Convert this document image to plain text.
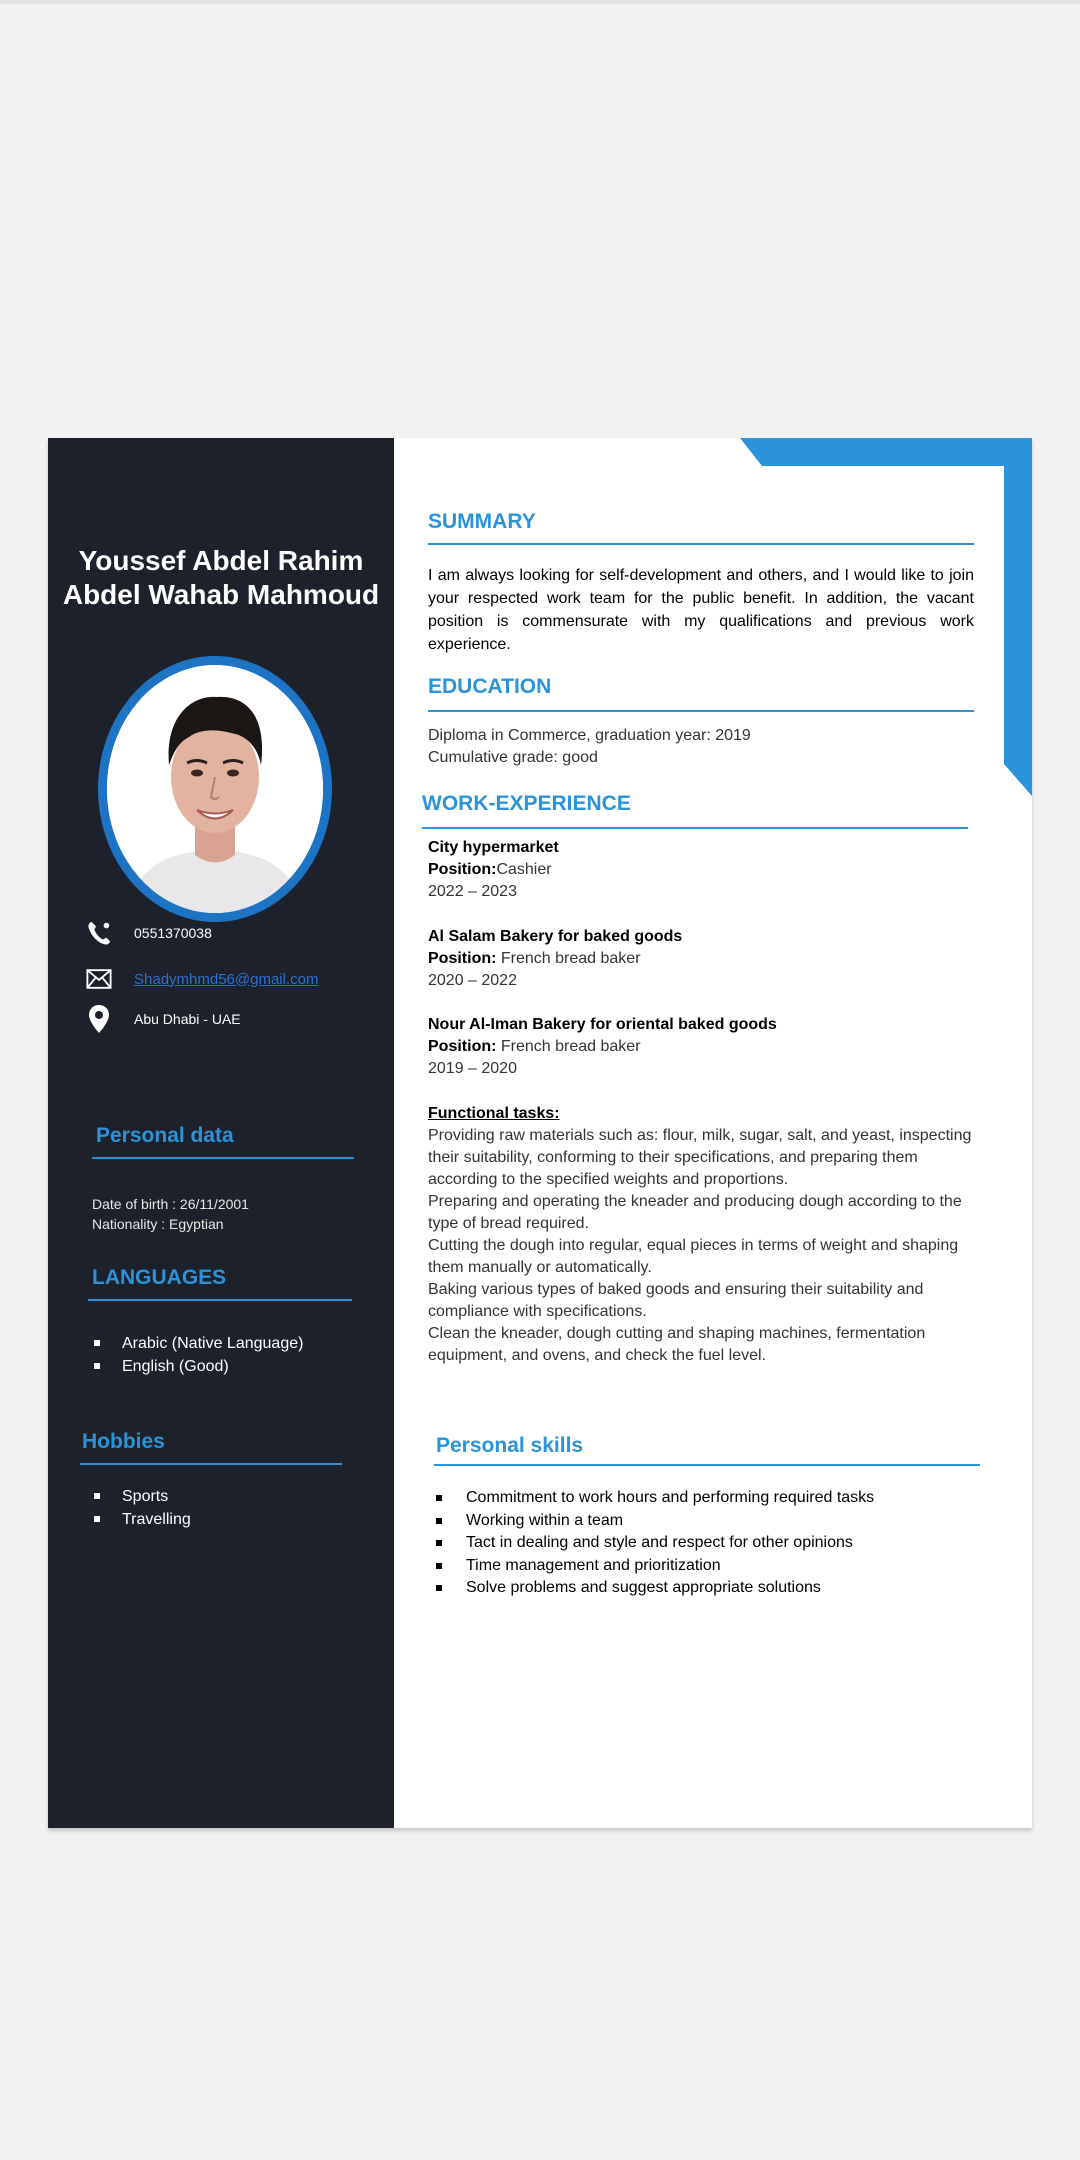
Youssef Abdel Rahim
Abdel Wahab Mahmoud
0551370038
Shadymhmd56@gmail.com
Abu Dhabi - UAE
Personal data
Date of birth : 26/11/2001
Nationality : Egyptian
LANGUAGES
Arabic (Native Language)
English (Good)
Hobbies
Sports
Travelling
SUMMARY
I am always looking for self-development and others, and I would like to join your respected work team for the public benefit. In addition, the vacant position is commensurate with my qualifications and previous work experience.
EDUCATION
Diploma in Commerce, graduation year: 2019
Cumulative grade: good
WORK-EXPERIENCE
City hypermarket
Position:Cashier
2022 – 2023
Al Salam Bakery for baked goods
Position: French bread baker
2020 – 2022
Nour Al-Iman Bakery for oriental baked goods
Position: French bread baker
2019 – 2020
Functional tasks:
Providing raw materials such as: flour, milk, sugar, salt, and yeast, inspecting their suitability, conforming to their specifications, and preparing them according to the specified weights and proportions.
Preparing and operating the kneader and producing dough according to the type of bread required.
Cutting the dough into regular, equal pieces in terms of weight and shaping them manually or automatically.
Baking various types of baked goods and ensuring their suitability and compliance with specifications.
Clean the kneader, dough cutting and shaping machines, fermentation equipment, and ovens, and check the fuel level.
Personal skills
Commitment to work hours and performing required tasks
Working within a team
Tact in dealing and style and respect for other opinions
Time management and prioritization
Solve problems and suggest appropriate solutions
